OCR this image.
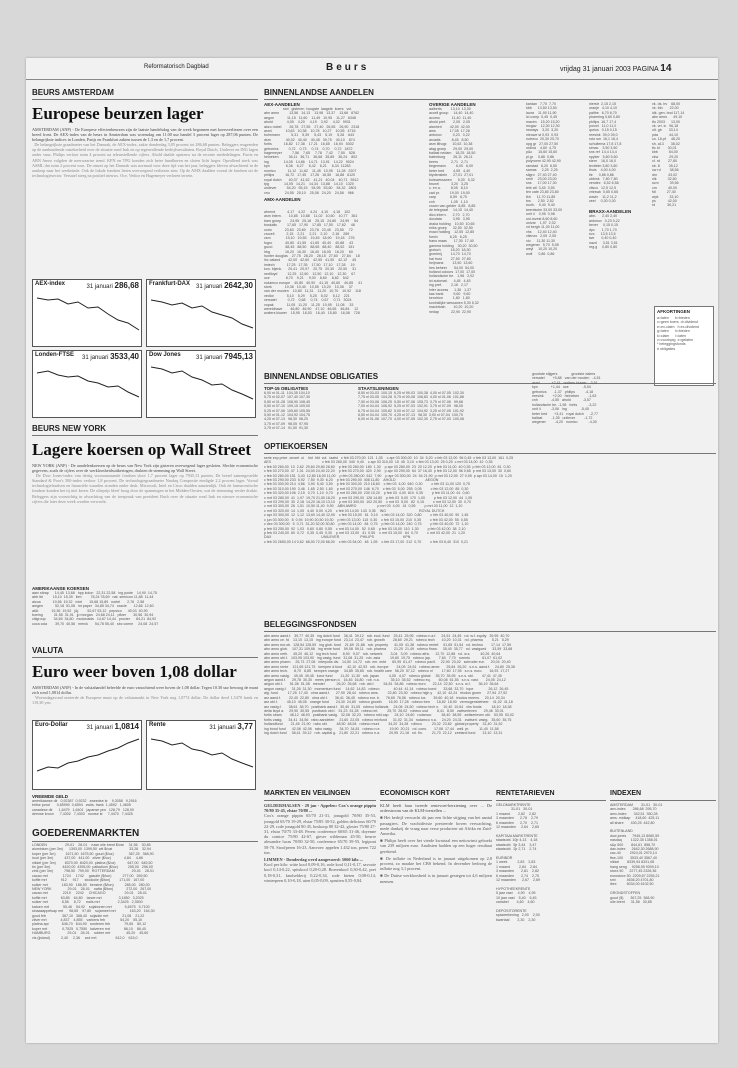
Reformatorisch Dagblad	Beurs	vrijdag 31 januari 2003 PAGINA 14
BEURS AMSTERDAM
Europese beurzen lager

AMSTERDAM (ANP) - De Europese effectenbeurzen zijn de laatste handelsdag van de week begonnen met koersverliezen over een breed front. De AEX-index van de beurs in Amsterdam was woensdag om 11.00 uur handel 3 procent lager op 287,06 punten. De belangrijkste indices in Londen, Parijs en Frankfurt zakten tussen de 1,3 en de 1,7 procent.

De belangrijkste graadmeter van het Damrak, de AEX-index, zakte donderdag 3,05 procent tot 286,68 punten. Beleggers reageerden op de aanhoudende onzekerheid over de situatie rond Irak en op tegenvallende bedrijfsresultaten. Royal Dutch, Unilever en ING lagen onder vuur. Philips verloor ruim 4 procent na teleurstellende cijfers. Ahold daalde opnieuw na de recente mededelingen. Fortis en ABN Amro volgden de neerwaartse trend. KPN en TPG konden zich beter handhaven en sloten licht hoger. Opvallend sterk was ASML dat ruim 2 procent won. De omzet op het Damrak was normaal voor deze tijd van het jaar, beleggers bleven afwachtend in de aanloop naar het weekeinde. Ook de lokale fondsen lieten overwegend verliezen zien. Op de AMX daalden vooral de fondsen uit de technologiesector. Versatel steeg na positief nieuws. Oce, Vedior en Hagemeyer verloren terrein.

AEX-index	31 januari 286,68 Frankfurt-DAX 31 januari 2642,30
Londen-FTSE 31 januari 3533,40 Dow Jones	31 januari 7945,13
BEURS NEW YORK
Lagere koersen op Wall Street

NEW YORK (ANP) - De aandelenkoersen op de beurs van New York zijn gisteren overwegend lager gesloten. Slechte economische gegevens, zoals de cijfers over de werkloosheidsuitkeringen, drukten de stemming op Wall Street.

De Dow Jones-index van dertig vooraanstaande fondsen sloot 1,7 procent lager op 7945,13 punten. De breed samengestelde Standard & Poor's 500-index verloor 1,8 procent. De technologiegraadmeter Nasdaq Composite eindigde 2,2 procent lager. Vooral technologiefondsen en financiële waarden stonden onder druk. Microsoft, Intel en Cisco daalden aanzienlijk. Ook de farmaceutische fondsen konden het tij niet keren. De olieprijs bleef hoog door de spanningen in het Midden-Oosten, wat de stemming verder drukte. Beleggers zijn voorzichtig in afwachting van de toespraak van president Bush over de situatie rond Irak en nieuwe economische cijfers die later deze week worden verwacht.

AMERIKAANSE KOERSEN
aarc sitrap      14,45  13,68   hpp kolon   22,31 22,58   ing poste    14,90  14,75
abb ltd          15,10  15,39   ibm         78,24 78,69   nat. semicon 11,88  11,44
alcoa            19,56  19,32   intel       15,68 15,89   nortel       2,76   2,58
amgen            52,18  51,08   int paper   34,85 34,74   oracle       12,66  12,60
at&t             19,36  19,52   j&j         52,67 53,12   pepsico      40,03  40,90
boeing           31,55  31,91   jp morgan   24,68 24,11   pfizer       30,56  30,94
citigroup        34,65  34,80   mcdonalds   14,67 14,44   procter      84,21  84,92
coca cola        39,70  40,56   merck       54,78 55,40   sbc comm     24,08  24,57
VALUTA
Euro weer boven 1,08 dollar

AMSTERDAM (ANP) - In de valutahandel beleefde de euro vanochtend weer boven de 1,08 dollar. Tegen 10.30 uur bewoog de munt zich rond 1,0814 dollar.

Woensdagavond noteerde de Europese munt op de valutamarkt in New York nog 1,0774 dollar. De dollar deed 1,5470 frank en 119,30 yen.

Euro-Dollar	31 januari 1,0814 Rente	31 januari 3,77
VREEMDE GELD
amerikaanse dlr   0,92387  0,9232   zweedse kr    9,3058   9,2916
britse pond       0,65990  0,6594   zwits. frank  1,4592   1,4605
canadese dlr      1,6479   1,6401   japanse yen   128,79   128,90
deense kroon      7,4302   7,4303   noorse kr     7,4470   7,4425
GOEDERENMARKTEN
LONDEN                  29-01    28-01    ruwe olie brent $/vat     31,56    30,85
aluminium (per 3m)      1393,00  1399,50  wti $/vat                 33,28    32,94
koper (per 3m)          1671,50  1675,50  goud ($/oz)               367,25   368,90
lood (per 3m)           437,00   441,00   zilver ($/oz)             4,84     4,86
nikkel (per 3m)         8370,00  8420,00  platina ($/oz)            647,00   645,50
tin (per 3m)            4420,00  4395,00  palladium ($/oz)          255,00   256,00
zink (per 3m)           798,50   799,00   ROTTERDAM                 29-01    28-01
cacao mrt               1724     1742     gasolie ($/ton)           277,00   269,50
koffie mrt              912      917      stookolie ($/ton)         171,00   167,00
suiker mrt              183,90   186,50   benzine ($/ton)           285,00   280,00
NEW YORK                29-01    28-01    nafta ($/ton)             272,00   267,00
cacao mrt               2219     2242     CHICAGO                   29-01    28-01
koffie mrt              63,85    64,80    tarwe mrt                 3,1850   3,2025
suiker mrt              8,56     8,72     maïs mrt                  2,3425   2,3500
katoen mrt              55,46    54,92    sojabonen mrt             5,6575   5,7100
sinaasappelsap mrt      98,65    97,80    sojameel mrt              163,20   164,30
goud feb                367,10   368,40   sojaolie mrt              21,08    21,22
zilver mrt              4,837    4,855    varkens feb               54,20    55,10
platina apr             646,70   644,90   runderen feb              79,65    80,12
koper mrt               0,7525   0,7550   kalveren mrt              86,10    86,40
HAMBURG                 29-01    28-01    rubber mrt                45,20    45,60
vis (ijsland)           2,40     2,36     wol mrt                   612,0    615,0
BINNENLANDSE AANDELEN
AEX-AANDELEN
slot   gisteren  hoogste  laagste  koers   vol.
abn amro          13,58   14,13    13,98   13,37    13,66   8762
aegon             11,15   11,60    11,49   10,95    11,27   6348
ahold              4,05    4,20     4,19    3,92     4,02   9931
akzo nobel        26,78   27,55    27,40   26,55    26,90   2318
asml              10,63   10,38    10,78   10,27    10,55   4716
buhrmann           5,31    5,39     5,43    5,19     5,28    643
dsm               40,02   40,40    40,45   39,75    40,10    874
fortis            16,82   17,38    17,21   16,65    16,94   5302
getronics          0,72    0,73     0,74    0,70     0,72   1872
hagemeyer          7,56    7,65     7,78    7,42     7,50    528
heineken          36,11   36,71    36,68   35,85    36,24    802
ing               14,05   14,86    14,71   13,91    14,22   9024
kpn                6,36    6,27     6,42    6,21     6,34  11283
numico            11,12   11,62    11,45   10,95    11,28   2207
philips           16,72   17,45    17,26   16,55    16,88   6120
royal dutch       40,37   41,52    41,21   40,04    40,71   5512
tpg               14,05   14,21    14,34   13,88    14,10   1320
unilever          54,20   55,15    54,95   53,60    54,32   2801
vnu               24,55   25,10    25,08   24,20    24,58    966
AMX-AANDELEN
ahrend            4,17    4,22     4,24    4,10     4,18    102
asm intern.       10,85   10,88    11,02   10,60    10,77    361
bam groep         24,95   25,18    25,15   24,80    24,99     54
boskalis          17,65   17,90    17,85   17,50    17,62     46
corio             23,60   23,60    23,78   23,45    23,55     72
crucell            2,15    2,21     2,21    2,10     2,16    289
csm               19,10   19,55    19,45   18,90    19,18    276
fugro             40,80   41,55    41,65   40,40    40,88     43
gucci             88,45   88,50    88,65   88,40    88,52    151
hbg               16,20   16,30    16,40   16,05    16,20     60
hunter douglas    27,75   28,20    28,15   27,60    27,84     18
ihc caland        42,00   42,60    42,55   41,50    42,12     45
imtech            17,25   17,35    17,50   17,10    17,28     19
kon. bijenk.      20,41   20,97    20,75   20,30    20,50     31
nedlloyd          12,25   12,60    12,50   12,10    12,30     67
oce                8,70    9,21     9,00    8,60     8,82    542
rodamco europe    40,80   40,90    41,15   40,60    40,85     41
stork             10,36   10,40    10,55   10,20    10,38     37
van der moolen    10,80   11,31    11,20   10,70    10,92    118
vedior             5,10    5,29     5,25    5,02     5,12    221
versatel           0,72    0,68     0,74    0,67     0,71   3024
vopak             11,05   11,20    11,25   10,95    11,08     33
wereldhave        46,80   46,90    47,10   46,65    46,84     12
wolters kluwer    15,95   16,53    16,40   15,80    16,08    728
OVERIGE AANDELEN
aalberts         13,10  13,30
accell group     14,40  14,40
acomo            11,40  11,40
ahold pref.       2,05   2,05
alanheri        42,00  42,00
ams              17,05  17,28
antonov           0,23   0,22
arcadis           8,45   8,50
asm lithogr.     10,63  10,38
atag groep       29,00  29,00
ballast nedam    18,25  18,50
batenburg        26,11  26,11
beers             2,71   2,71
begemann          6,00   6,00
beter bed         4,55   4,40
blydenstein      27,01  27,01
bolswessanen      5,30   5,32
brunel            3,20   3,25
c. en a.          8,05   8,10
cad pr.          19,00  19,00
carp              6,59   6,70
cnh                1,05   1,10
crown van gelder  8,85   8,85
de telegraaf     14,15  14,40
dico intern.      2,70   2,70
docdata           3,95   3,95
draka holding    10,50  10,65
eriks groep      32,50  32,50
exact holding    12,55  12,85
fornix            6,25   6,25
frans maas       17,30  17,40
gamma holding    30,20  30,50
grolsch          18,20  18,30
grontmij         14,70  14,70
hal trust         27,50  27,80
heijmans         13,50  13,60
hes beheer       54,00  54,00
holland colours  17,00  17,00
hollandsche be.   1,98   2,02
ict automat.      4,45   4,45
ing pref.         2,16   2,17
inter access      1,36   1,37
kas bank          9,60   9,60
kendrion          1,80   1,80
koninklijke wessanen 5,30 5,32
macintosh        10,20  10,20
nedap            22,90  22,90
kardan   7,70  7,70
kbb      13,50 13,50
laura    11,90 11,90
lci comp  0,45  0,45
maxim    15,20 15,20
mcgav    12,30 12,30
neways    3,20  3,20
nieuwe st 0,93  0,93
nutreco  20,30 20,70
opg gr   27,00 27,50
ordina    4,60  4,75
p&c      15,60 15,60
pl.gr     0,86  0,86
polynorm 42,90 42,90
ranstad   6,20  6,50
samas     2,25  2,25
sligro   27,40 27,40
smit     23,00 23,00
sns      17,00 17,30
tele atl  3,45  3,55
ten cate 23,80 23,80
tkh      11,70 11,85
tns       2,50  2,52
toolh.    9,40  9,40
twentsche 33,00 33,00
unit 4    0,95  0,98
uni-invest 8,60 8,60
univar    1,97  2,02
vd bergh 11,00 11,00
vhs      12,40 12,40
vilenzo   2,05  2,05
vio      11,30 11,30
wegener   5,70  5,95
weyl     10,20 10,20
wolt      0,86  0,86
nierstr  2,15 2,15
oranje   4,10 4,10
palthe   6,70 6,70
pharming 0,60 0,60
philips  16,7 17,4
porcel   11,0 11,0
qurius   0,15 0,15
reesink  39,0 39,0
roto sm  16,1 16,4
schuitema 17,8 17,8
simac    3,50 3,50
sns ref  14,4 14,4
spyker   5,60 5,60
stern    16,0 16,0
textielm 3,80 3,80
thuis    4,00 4,00
tie      0,86 0,86
ubbink   7,80 7,80
vendex   6,52 6,58
vlisco   12,5 12,5
vrieswk  0,65 0,65
wavin    11,2 11,2
zeel     0,30 0,30
BRAXX-AANDELEN
abe-      2,40 2,40
antonov   0,23 0,22
bever     0,15 0,15
dpc       1,70 1,70
ezc      13,5 13,5
iwe       0,40 0,40
nazd      3,51 3,51
reg.g     0,80 0,80
vk. ds. bv    68,00
vk. fdn       22,00
idk. gen. bnd 117,14
abn amro      49,10
tfo 2003      13,00
vk. vrt. ic   96,18
olt. gb       33,14
pda           44,10
co. 18-pf     48,20
sh. a13       38,02
ttc ld        30,01
kbb           54,00
ckw           29,20
cf. rd        27,80
sb. 8         35,12
cw rd         38,56
drn           43,02
nlk           32,80
scm           39,56
crn           40,00
fdl           27,40
wpk           33,10
ps            42,00
rd            30,21
AFKORTINGEN
a=laten      b=bieden
c=geen koers  d=dividend
e=ex-claim   f=ex-dividend
g=laten      h=bieden
k=claim      l=laten
v=voorlopig  x=gelaten
* beleggingsfonds
# obligaties
BINNENLANDSE OBLIGATIES
TOP-15 OBLIGATIES
6,00 nl 01-11  104,35 104,10
5,75 nl 02-07  107,40 107,30
5,50 nl 01-28  108,90 108,45
5,50 nl 07-10  109,15 109,00
5,25 nl 07-06  105,60 105,55
5,00 nl 01-12  104,92 104,75
4,25 nl 07-13   98,30  98,20
3,75 nl 07-09   98,05  97,95
3,75 nl 07-14   91,50  91,30
STAATSLENINGEN
8,50 nl 03-03  100,15  6,25 nl 99-03  100,38  4,00 nl 07-05  102,30
7,75 nl 03-05  104,28  5,75 nl 00-08  106,83  4,00 nl 01-06  101,88
7,50 nl 03-06  106,25  5,50 nl 97-06  105,73  3,75 nl 07-06   99,68
7,00 nl 04-04  106,92  5,25 nl 97-03  102,91  3,75 nl 07-09   98,05
6,75 nl 04-04  105,82  5,00 nl 07-12  104,92  3,25 nl 07-05  101,92
6,50 nl 04-04  105,70  4,25 nl 07-13   98,30  3,00 nl 07-04  100,70
6,00 nl 01-06  107,70  4,00 nl 07-05  102,30  2,75 nl 07-03  100,08
grootste stijgers              grootste dalers
versatel        +5,88   van der moolen   -4,51
asml            +2,41   wolters kluwer   -3,51
kpn             +1,44   oce              -5,54
getronics       -1,37   philips          -4,18
reesink         +2,00   heineken         -1,63
cnh             -4,55   ahold            -3,57
hollandsche be. -1,98   fortis           -3,22
unit 4          -3,06   ing              -5,45
beter bed       +3,41   royal dutch      -2,77
ballast         -1,35   unilever         -1,72
wegener         -4,20   numico           -4,30
OPTIEKOERSEN
serie exp.price  omzet  oi    hld  hfd  vol.  laatst   c feb 03 270,00  121  1,35    c apr 03 300,00  10  34  5,20  c feb 03 12,00  96 0,45  c feb 03 13,00  161  0,25
AEX                                                   c feb 03 280,00  340  9,40    c apr 03 310,00  15  45  3,10  c feb 03 13,00  25 0,25  c mrt 03 14,00  42  0,35
c feb 03 260,00  10  2,62  29,60 29,80 28,60    p feb 03 260,00  180  1,30    p apr 03 280,00  23  20 12,20  p feb 03 11,00  40 0,35  p feb 03 12,00  81  0,30
c feb 03 270,00  47  1,01  24,00 24,40 22,20    p feb 03 270,00  420  2,90    p apr 03 290,00  64  37 16,40  p feb 03 12,00  56 0,65  p mrt 03 13,00  30  0,60
c feb 03 280,00 151  3,43  12,80 16,00 11,00    p feb 03 280,00  612  7,90    p apr 03 300,00  24  54 21,90  p mrt 03 12,00  27 0,95  p apr 03 14,00  15  1,20
c feb 03 290,00 233  5,92   7,50  9,30  6,20    p feb 03 290,00  408 11,80    AHOLD                              AEGON
c feb 03 300,00 214  4,66   3,90  5,40  3,50    p feb 03 300,00  210 18,60    c feb 03  4,00  640  0,30         c feb 03 11,00 120  0,75
c feb 03 310,00 190  3,46   1,65  2,50  1,60    p mrt 03 270,00  146  6,70    c feb 03  5,00  255  0,05         c feb 03 12,00  85  0,30
c feb 03 320,00 106  2,15   0,70  1,10  0,70    p mrt 03 280,00  230 10,20    p feb 03  4,00  810  0,35         p feb 03 11,00  61  0,60
c mrt 03 280,00  41  1,97  19,70 21,50 18,20    p mrt 03 290,00  128 14,80    p feb 03  5,00  170  1,00         p feb 03 12,00  44  1,05
c mrt 03 290,00  30  2,18  14,20 16,10 13,10    p mrt 03 300,00  102 20,50    c mrt 03  5,00   82  0,15         c mrt 03 12,00  30  0,70
c mrt 03 300,00  26  1,51  10,50 11,40  9,90    ABN AMRO                     p mrt 03  4,00   41  0,55         p mrt 03 11,00  12  1,10
c mrt 03 320,00  14  1,05   4,40  5,00  4,20    c feb 03 14,00  143  0,35    ING                                 ROYAL DUTCH
c apr 03 300,00  12  1,12  13,60 14,40 12,90    c feb 03 15,00   61  0,10    c feb 03 14,00  320  0,80         c feb 03 40,00  90  1,45
c jun 03 300,00   8  0,94  19,90 20,50 19,30    p feb 03 13,00  115  0,30    c feb 03 15,00  210  0,35         c feb 03 42,00  55  0,55
c dec 03 300,00   5  0,71  31,20 32,00 30,80    p feb 03 14,00   84  0,75    p feb 03 14,00  240  0,75         p feb 03 40,00  72  1,10
p feb 03 250,00  92  1,03   0,60  0,80  0,55    c mrt 03 14,00   52  0,65    p feb 03 15,00  110  1,30         p feb 03 42,00  38  2,10
p feb 03 240,00  60  0,72   0,35  0,45  0,30    p mrt 03 13,00   41  0,55    c mrt 03 15,00   64  0,70         c mrt 03 42,00  21  1,20
DAX                                                  UNILEVER                     PHILIPS                             KPN
c feb 03 2650,00 14 0,62  68,00 72,00 66,00    c feb 03 54,00   48  1,55    c feb 03 17,00  212  0,70         c feb 03 6,40  310  0,21
BELEGGINGSFONDSEN
abn amro aand.f.   39,77  40,35   ing dutch fund    38,41  39,12   rob. ecol. fund    25,41  25,95   robeco n.a.f.     24,51  24,45   rol. w.f. equity   39,95  40,70
abn amro ce. fd    13,10  13,15   ing europe fund   23,14  23,47   rob. growth        28,60  29,21   robeco tech       10,20  10,31   rol. pharma         5,21   5,29
abn amro eur.ob.  128,54 128,59   ing glob. fund    21,69  21,88   rob. property      41,05  41,38   robeco rentef.    51,65  51,54   rol. techno        17,14  17,59
abn amro glob.    107,31 109,66   ing rente fund    59,08  59,11   rob. pharma        21,20  21,49   robeco finan.     35,40  35,77   rol. vastgoed      33,59  33,68
abn amro neth.     45,20  46,12   ing tech fund      8,90   9,07   rob. netwerk        3,04   3,09   robeco afric.     12,70  12,88   rol. w.s.          40,26  40,64
abn amro obl.f.   103,95 103,90   ing vastg. fund   31,08  31,25   rob. asia          19,60  19,75   robeco jap.        7,60   7,70   rorento            61,07  61,02
abn amro pharm.    26,73  27,08   interpolis div.   14,50  14,72   rob. em. mrkt      60,95  61,47   robeco pacif.     22,90  23,02   schroder eur.      20,04  20,40
abn amro rente    121,65 121,75   kempen d.fund     42,10  42,93   rob. europe        24,05  24,51   robeco amer.      25,84  26,20   s.n.s. aand.f.     24,80  25,38
abn amro tech.      8,70   8,85   kempen orange     34,85  35,65   rob. health care   56,20  57,12   robeco nl         17,60  17,95   s.n.s. euro.       16,93  17,27
abn amro vastg.    49,45  49,45   luxor fund        11,20  11,30   rob. japan          4,05   4,07   robeco global     35,70  35,95   s.n.s. obl.        47,41  47,45
aegon aand.f.      29,78  30,30   mees pierson d.   16,45  16,80   rob. n.a.           35,10  35,52   robeco eq.        60,08  61,55   s.n.s. vast.       24,05  24,12
aegon obl.f.       51,06  51,08   mendel            26,20  26,68   rob. obl.f.         54,81  54,86   robeco euro       22,14  22,50   s.n.s. w.f.        36,19  36,64
aegon vastg.f.     31,28  31,30   momentum fund     14,62  14,83   robeco              40,44  41,14   robeco bond       33,68  33,70   tope               26,12  26,45
alg. fund          17,25  17,40   ohra aand.f.      27,90  28,44   robeco ams.         22,80  23,30   robeco high y     42,10  42,24   triodos groen      27,94  27,92
asr aand.f.        22,40  22,80   ohra obl.f.       36,41  36,45   robeco eur. b.      76,65  76,56   robeco lux.       39,60  40,18   triodos meerw.     20,14  20,34
asr obl.f.         45,10  45,05   orange fund       24,30  24,80   robeco growth       16,90  17,28   robeco tren       18,82  18,90   vermogensbeheer    41,02  41,18
asr vastg.f.       38,61  38,70   postbank aand.f.  30,40  31,05   robeco hollands     24,08  24,50   robeco tech n.    10,40  10,64   vhs fonds          18,10  18,38
delta lloyd a.     29,90  30,55   postbank obl.f.   51,23  51,28   robeco int.         25,70  26,02   robeco usd         8,41   8,50   zwitserleven       29,46  30,01
fortis obam        48,12  48,93   postbank vastg.   32,08  32,23   robeco mid cap      24,10  24,60   rodamco          38,40  38,55   zwitserleven obl.   53,05  53,02
fortis vastg.      34,41  34,56   rabo aandelen     21,60  22,05   robeco mixfund      31,02  31,34   rodamco n.a.     24,20  24,31   zwitserl. vastg.   35,60  35,75
hollandfund        21,45  21,90   rabo obl.         48,50  48,54   robeco muni         34,20  34,28   rolinco          23,32  23,82   global property    31,40  31,52
ing bond fund      42,08  42,06   rabo vastg.       34,70  34,81   robeco n.e.         19,90  20,21   rol. cons.       17,08  17,44   well. pr.          11,40  11,58
ing dutch fund     38,41  39,12   rob. capital g.   21,80  22,21   robeco n.a.         20,95  21,18   rol. fin.         21,70  22,12   zeeland fund       13,10  13,31
MARKTEN EN VEILINGEN

GELDERMALSEN - 29 jan - Appelen: Cox's orange pippin 70/80 35-45, elstar 70/80 ...

Cox's orange pippin 65/70 21-31, jonagold 70/80 35-53, jonagold 65/70 19-29, elstar 75/85 30-52, golden delicious 60/70 22-29, rode jonagold 80 45, boskoop 80 32-42, gloster 75/80 27-31, elstar 70/75 33-48. Peren: conference 60/65 31-46, doyenne du comice 75/80 42-67, gieser wildeman 45-50, beurre alexandre lucas 70/80 32-50, conference 65/70 39-55, legipont 58-70. Stoofperen 16-23. Aanvoer: appelen 1.432 ton, peren 722 ton.

LIMMEN - Donderdag werd aangevoerd: 5060 kilo ...

Kool per kilo: witte kool 0,09-0,16, rode kool 0,11-0,17, savooie kool 0,14-0,22, spitskool 0,20-0,28. Boerenkool 0,30-0,42, prei 0,18-0,31, knolselderij 0,22-0,34, rode bieten 0,08-0,14, winterpeen 0,10-0,18, uien 0,05-0,09, spruiten 0,55-0,84.

ECONOMISCH KORT

KLM heeft haar tweede rentevoet-herziening over ... De orderstroom van de KLM-toestellen ...

■ Het bedrijf verwacht dit jaar een lichte stijging van het aantal passagiers. De vrachtdivisie presteerde boven verwachting, mede dankzij de vraag naar verse producten uit Afrika en Zuid-Amerika.

■ Philips heeft over het vierde kwartaal een nettowinst geboekt van 239 miljoen euro. Analisten hadden op een hoger resultaat gerekend.

■ De inflatie in Nederland is in januari uitgekomen op 2,8 procent, zo maakte het CBS bekend. In december bedroeg de inflatie nog 3,1 procent.

■ De Duitse werkloosheid is in januari gestegen tot 4,6 miljoen mensen.

RENTETARIEVEN
GELDMARKTRENTE
31-01   30-01
1 maand        2,82    2,82
3 maanden      2,78    2,79
6 maanden      2,70    2,71
12 maanden     2,64    2,65

KAPITAALMARKTRENTE
staatsobl. 10jr 4,13    4,18
staatsobl.  5jr 3,44    3,47
staatsobl.  2jr 2,71    2,74

EURIBOR
1 week          2,83    2,83
1 maand         2,84    2,84
3 maanden       2,81    2,82
6 maanden       2,74    2,75
12 maanden      2,67    2,69

HYPOTHEEKRENTE
5 jaar vast     4,90    4,95
10 jaar vast    5,40    5,45
variabel        4,60    4,60

DEPOSITORENTE
spaarrekening   2,00    2,00
kwartaal        2,30    2,30
INDEXEN
AMSTERDAM        31-01   30-01
aex-index       286,68  295,70
amx-index       342,51  350,28
ams. midkap     418,60  425,11
all share       430,25  442,80

BUITENLAND
dow jones      7945,13 8080,59
nasdaq         1322,35 1358,01
s&p 500        844,61  858,70
dax-index      2642,30 2688,90
cac-40         2924,01 2970,14
ftse-100       3533,40 3567,40
nikkei        8339,94 8331,08
hang seng     9258,95 9309,10
stoxx 50      2277,45 2326,36
eurostoxx 50  2209,67 2255,21
smi           4636,20 4701,80
ibex          6034,00 6102,50

GRONDSTOFFEN
goud ($)       367,25  368,90
olie brent      31,56   30,85
